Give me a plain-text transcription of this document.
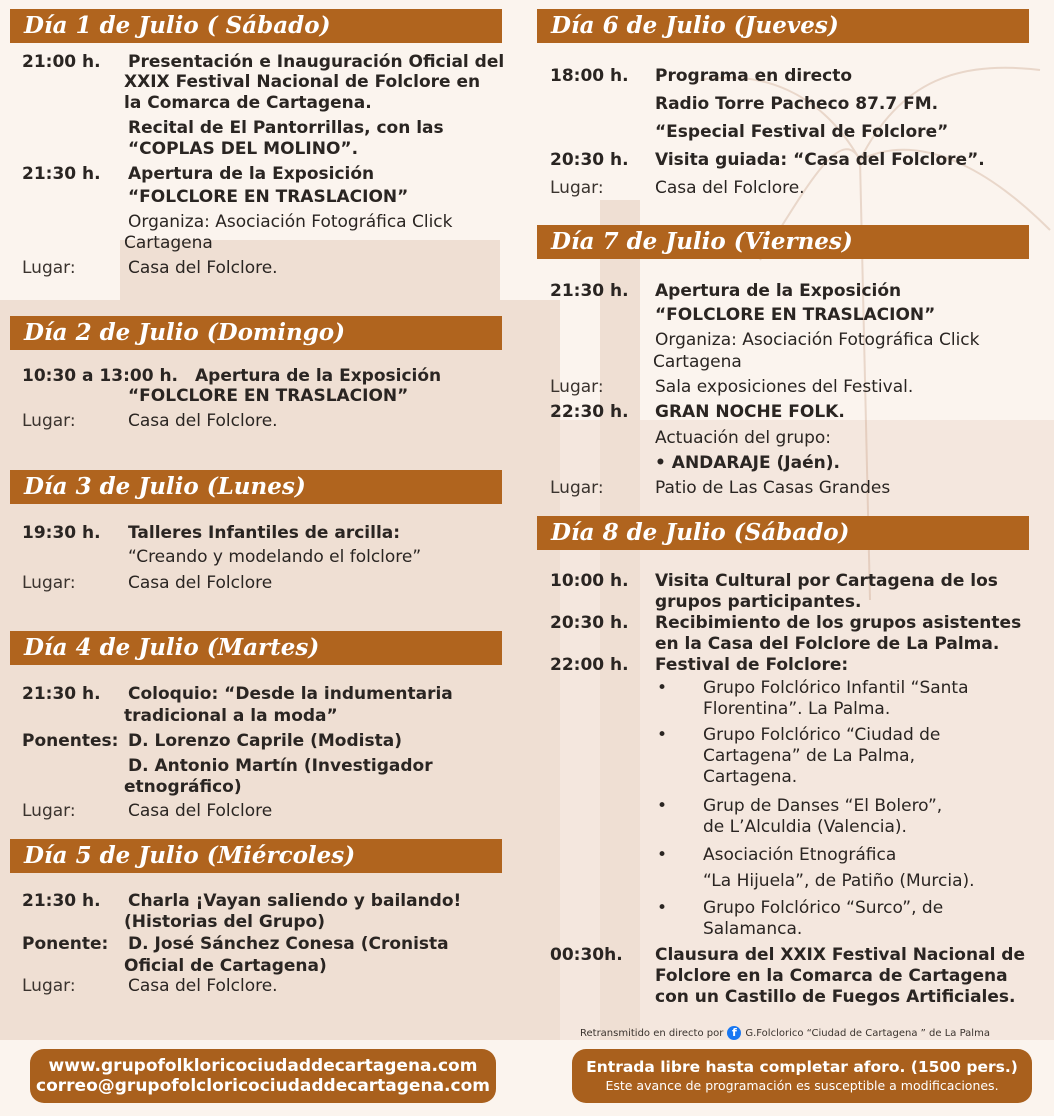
Día 1 de Julio ( Sábado)
21:00 h. Presentación e Inauguración Oficial del
XXIX Festival Nacional de Folclore en
la Comarca de Cartagena.
Recital de El Pantorrillas, con las
“COPLAS DEL MOLINO”.
21:30 h. Apertura de la Exposición
“FOLCLORE EN TRASLACION”
Organiza: Asociación Fotográfica Click
Cartagena
Lugar:	Casa del Folclore.
Día 2 de Julio (Domingo)
10:30 a 13:00 h. Apertura de la Exposición
“FOLCLORE EN TRASLACION”
Lugar:	Casa del Folclore.
Día 3 de Julio (Lunes)
19:30 h. Talleres Infantiles de arcilla:
“Creando y modelando el folclore”
Lugar:	Casa del Folclore
Día 4 de Julio (Martes)
21:30 h. Coloquio: “Desde la indumentaria
tradicional a la moda”
Ponentes: D. Lorenzo Caprile (Modista)
D. Antonio Martín (Investigador
etnográfico)
Lugar:	Casa del Folclore
Día 5 de Julio (Miércoles)
21:30 h. Charla ¡Vayan saliendo y bailando!
(Historias del Grupo)
Ponente: D. José Sánchez Conesa (Cronista
Oficial de Cartagena)
Lugar:	Casa del Folclore.
Día 6 de Julio (Jueves)
18:00 h. Programa en directo
Radio Torre Pacheco 87.7 FM.
“Especial Festival de Folclore”
20:30 h. Visita guiada: “Casa del Folclore”.
Lugar:	Casa del Folclore.
Día 7 de Julio (Viernes)
21:30 h. Apertura de la Exposición
“FOLCLORE EN TRASLACION”
Organiza: Asociación Fotográfica Click
Cartagena
Lugar:	Sala exposiciones del Festival.
22:30 h. GRAN NOCHE FOLK.
Actuación del grupo:
• ANDARAJE (Jaén).
Lugar:	Patio de Las Casas Grandes
Día 8 de Julio (Sábado)
10:00 h. Visita Cultural por Cartagena de los
grupos participantes.
20:30 h. Recibimiento de los grupos asistentes
en la Casa del Folclore de La Palma.
22:00 h. Festival de Folclore:
• Grupo Folclórico Infantil “Santa
Florentina”. La Palma.
• Grupo Folclórico “Ciudad de
Cartagena” de La Palma,
Cartagena.
• Grup de Danses “El Bolero”,
de L’Alculdia (Valencia).
• Asociación Etnográfica
“La Hijuela”, de Patiño (Murcia).
• Grupo Folclórico “Surco”, de
Salamanca.
00:30h. Clausura del XXIX Festival Nacional de
Folclore en la Comarca de Cartagena
con un Castillo de Fuegos Artificiales.
Retransmitido en directo por f G.Folclorico “Ciudad de Cartagena ” de La Palma
www.grupofolkloricociudaddecartagena.com
correo@grupofolcloricociudaddecartagena.com
Entrada libre hasta completar aforo. (1500 pers.)
Este avance de programación es susceptible a modificaciones.
